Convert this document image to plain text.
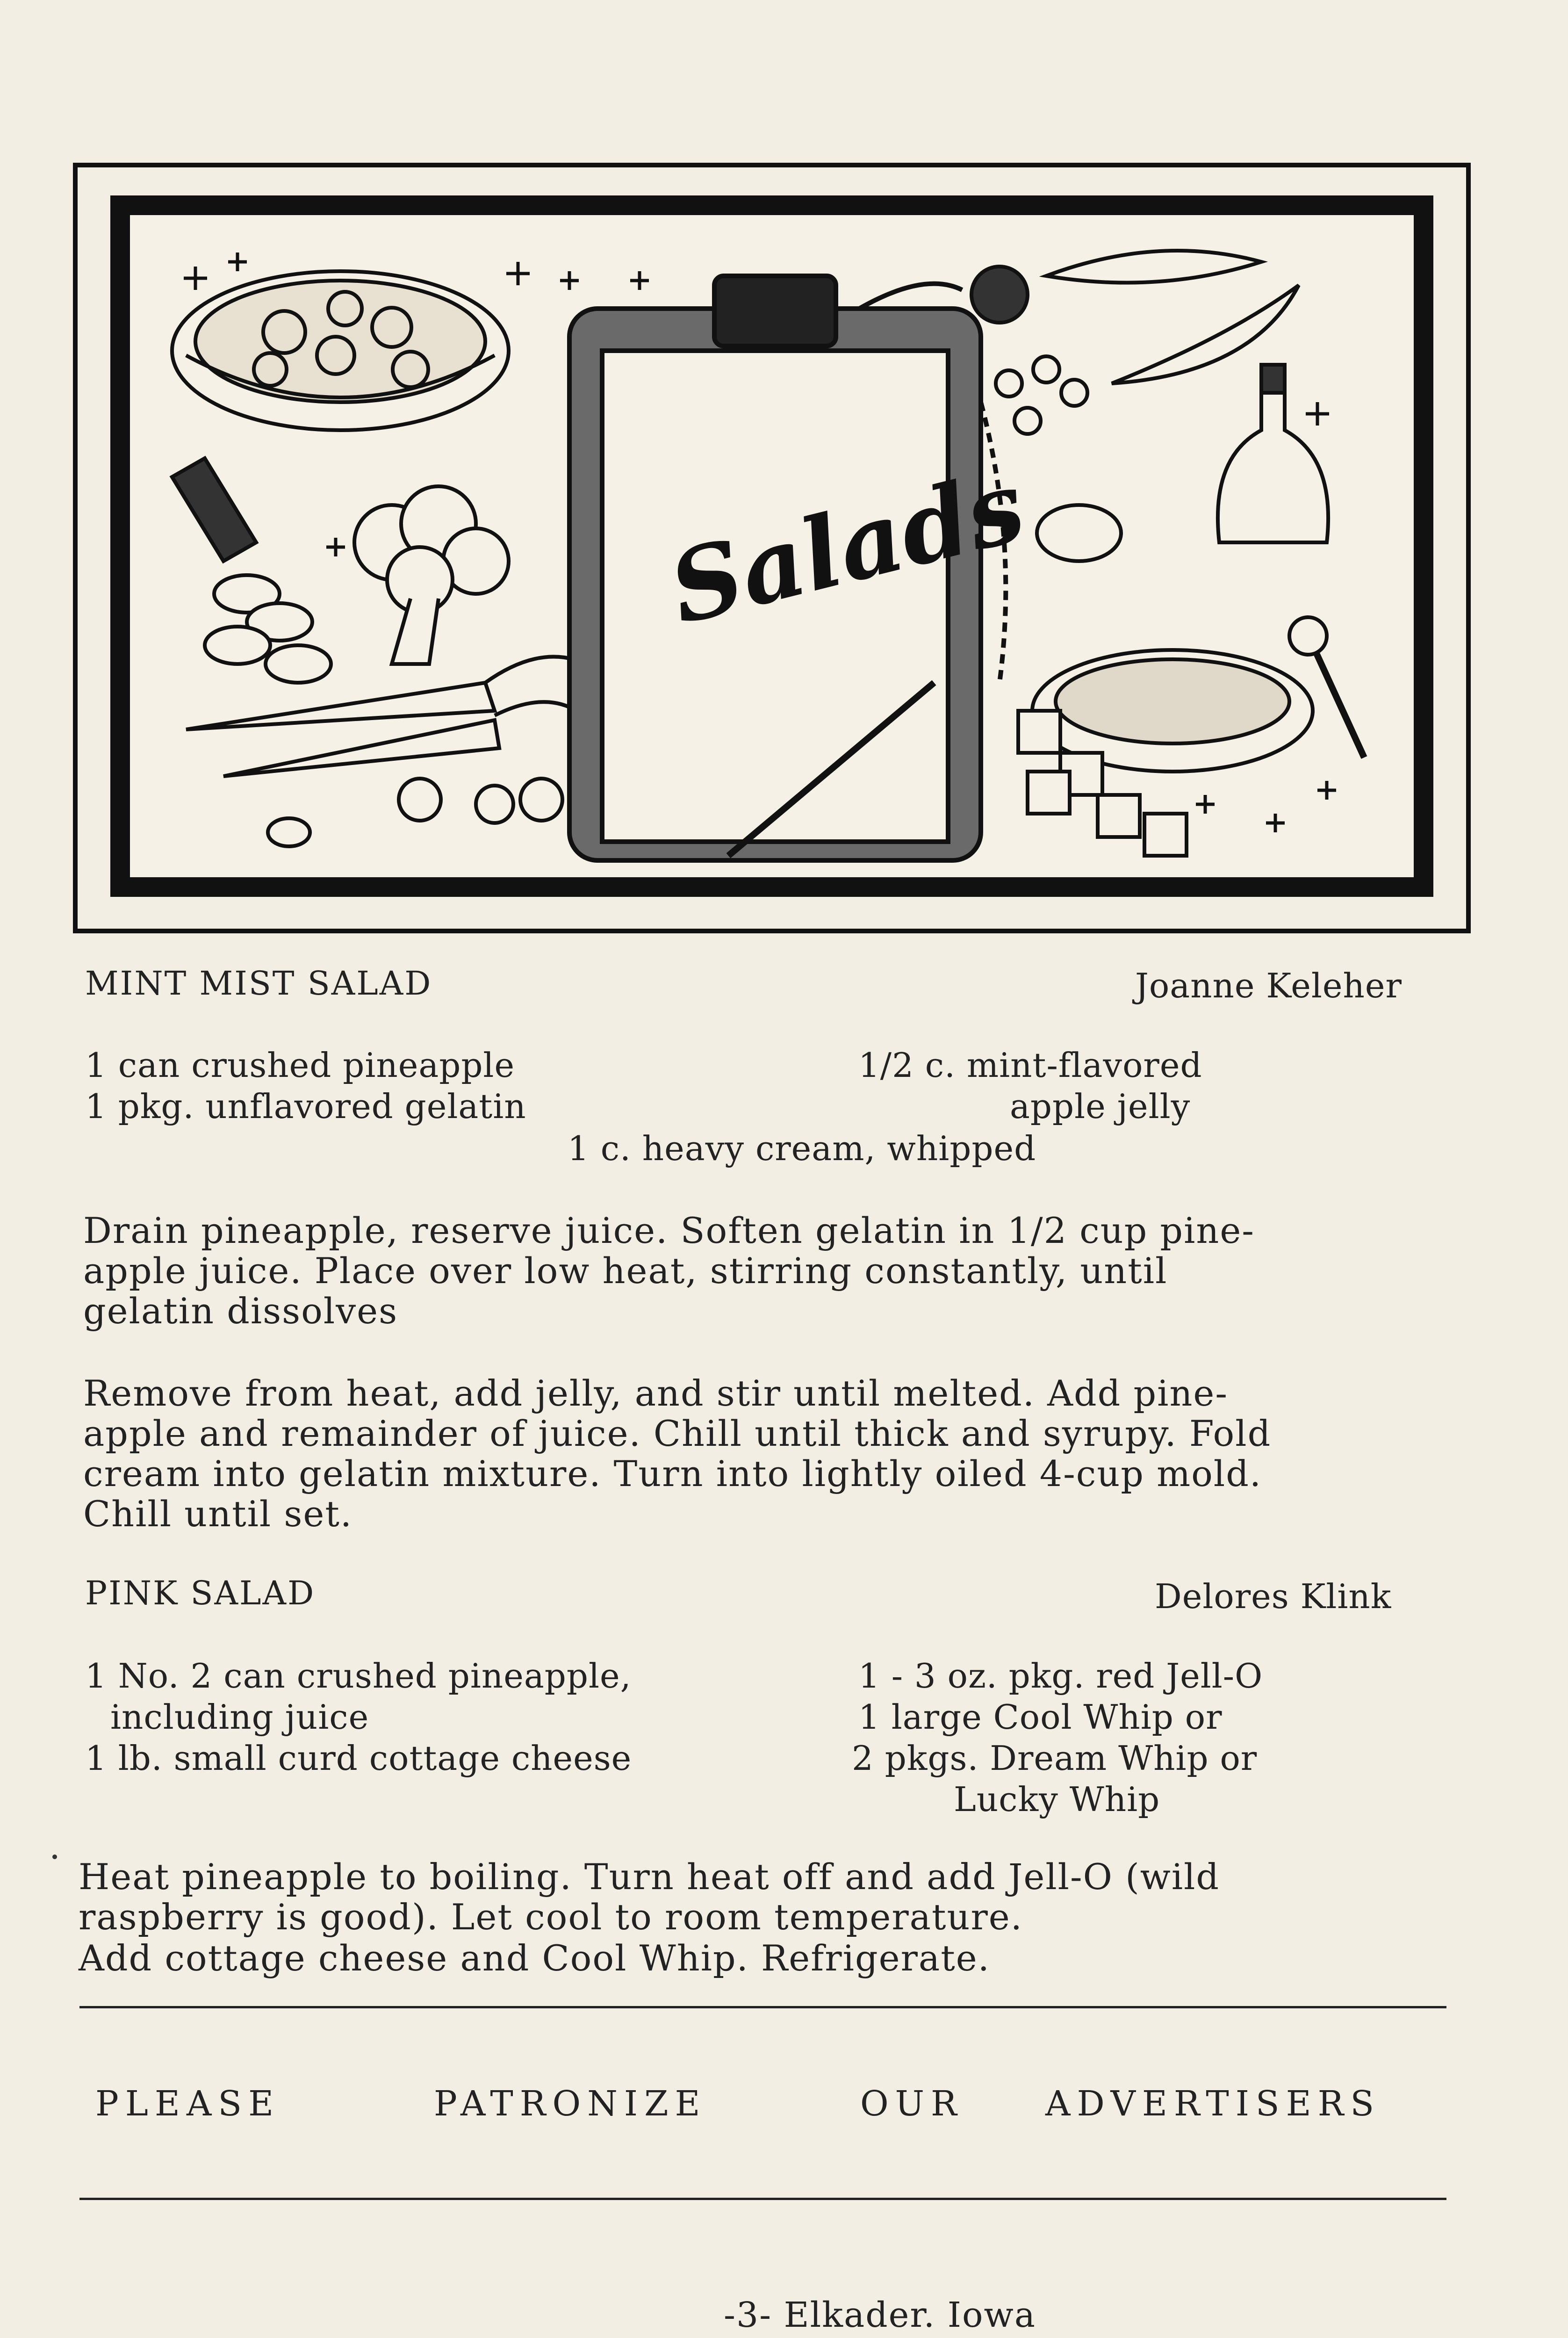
Salads
MINT MIST SALAD	Joanne Keleher
1 can crushed pineapple
1 pkg. unflavored gelatin
1/2 c. mint-flavored
apple jelly
1 c. heavy cream, whipped
Drain pineapple, reserve juice. Soften gelatin in 1/2 cup pine-
apple juice. Place over low heat, stirring constantly, until
gelatin dissolves
Remove from heat, add jelly, and stir until melted. Add pine-
apple and remainder of juice. Chill until thick and syrupy. Fold
cream into gelatin mixture. Turn into lightly oiled 4-cup mold.
Chill until set.
PINK SALAD	Delores Klink
1 No. 2 can crushed pineapple,
including juice
1 lb. small curd cottage cheese
1 - 3 oz. pkg. red Jell-O
1 large Cool Whip or
2 pkgs. Dream Whip or
Lucky Whip
Heat pineapple to boiling. Turn heat off and add Jell-O (wild
raspberry is good). Let cool to room temperature.
Add cottage cheese and Cool Whip. Refrigerate.
PLEASE	PATRONIZE	OUR ADVERTISERS
-3- Elkader. Iowa
